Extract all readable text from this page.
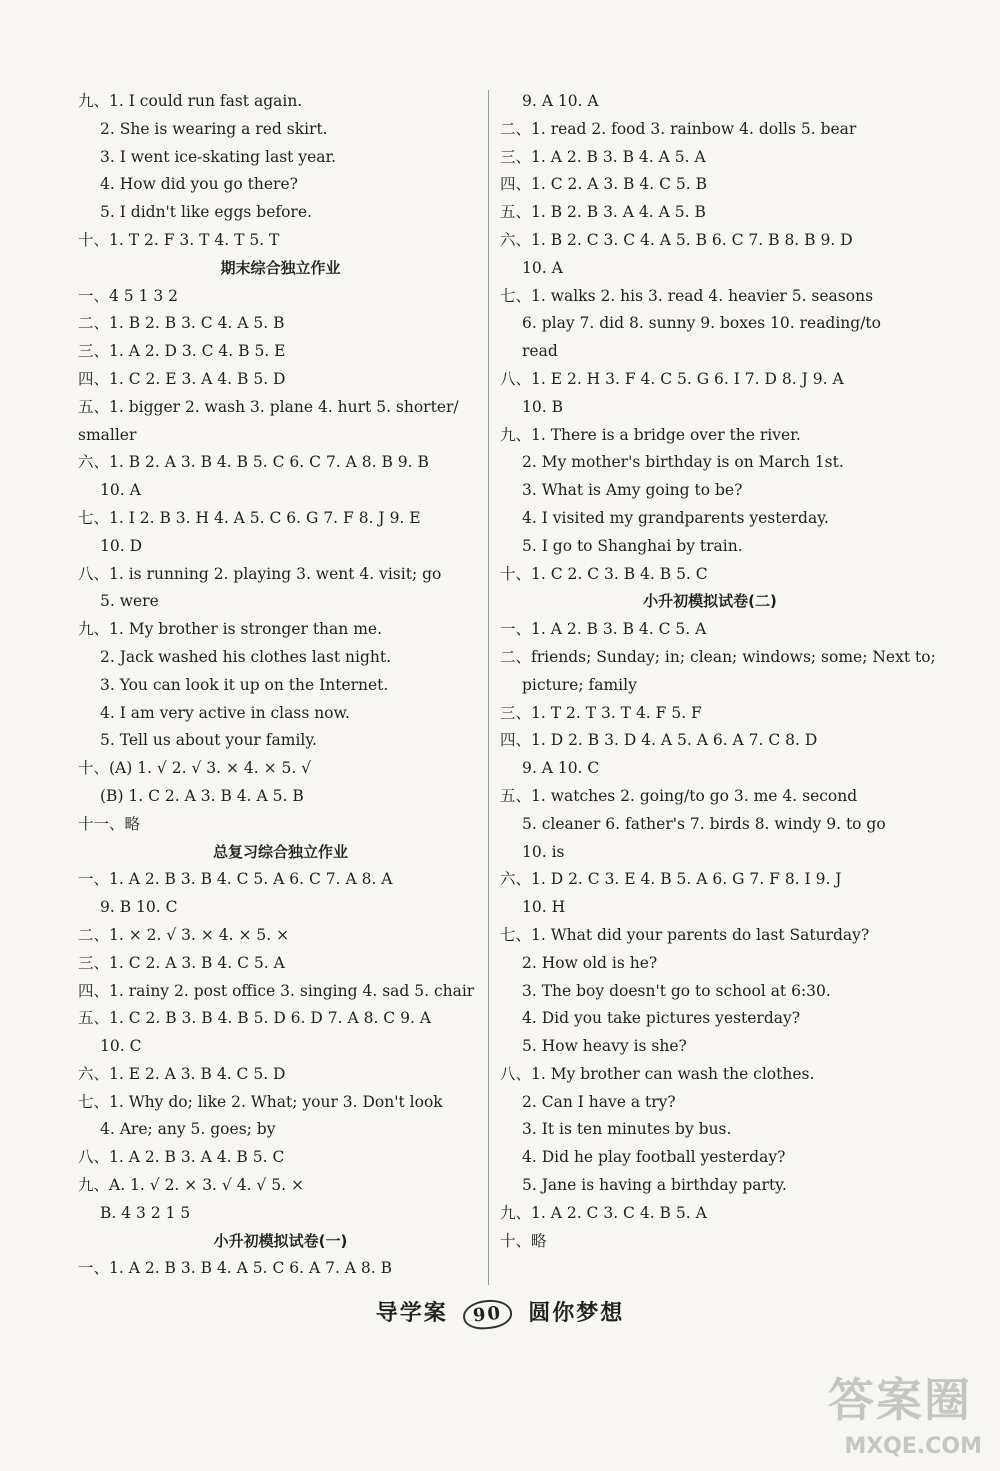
九、1. I could run fast again.
2. She is wearing a red skirt.
3. I went ice-skating last year.
4. How did you go there?
5. I didn't like eggs before.
十、1. T 2. F 3. T 4. T 5. T
期末综合独立作业
一、4 5 1 3 2
二、1. B 2. B 3. C 4. A 5. B
三、1. A 2. D 3. C 4. B 5. E
四、1. C 2. E 3. A 4. B 5. D
五、1. bigger 2. wash 3. plane 4. hurt 5. shorter/
smaller
六、1. B 2. A 3. B 4. B 5. C 6. C 7. A 8. B 9. B
10. A
七、1. I 2. B 3. H 4. A 5. C 6. G 7. F 8. J 9. E
10. D
八、1. is running 2. playing 3. went 4. visit; go
5. were
九、1. My brother is stronger than me.
2. Jack washed his clothes last night.
3. You can look it up on the Internet.
4. I am very active in class now.
5. Tell us about your family.
十、(A) 1. √ 2. √ 3. × 4. × 5. √
(B) 1. C 2. A 3. B 4. A 5. B
十一、略
总复习综合独立作业
一、1. A 2. B 3. B 4. C 5. A 6. C 7. A 8. A
9. B 10. C
二、1. × 2. √ 3. × 4. × 5. ×
三、1. C 2. A 3. B 4. C 5. A
四、1. rainy 2. post office 3. singing 4. sad 5. chair
五、1. C 2. B 3. B 4. B 5. D 6. D 7. A 8. C 9. A
10. C
六、1. E 2. A 3. B 4. C 5. D
七、1. Why do; like 2. What; your 3. Don't look
4. Are; any 5. goes; by
八、1. A 2. B 3. A 4. B 5. C
九、A. 1. √ 2. × 3. √ 4. √ 5. ×
B. 4 3 2 1 5
小升初模拟试卷(一)
一、1. A 2. B 3. B 4. A 5. C 6. A 7. A 8. B
9. A 10. A
二、1. read 2. food 3. rainbow 4. dolls 5. bear
三、1. A 2. B 3. B 4. A 5. A
四、1. C 2. A 3. B 4. C 5. B
五、1. B 2. B 3. A 4. A 5. B
六、1. B 2. C 3. C 4. A 5. B 6. C 7. B 8. B 9. D
10. A
七、1. walks 2. his 3. read 4. heavier 5. seasons
6. play 7. did 8. sunny 9. boxes 10. reading/to
read
八、1. E 2. H 3. F 4. C 5. G 6. I 7. D 8. J 9. A
10. B
九、1. There is a bridge over the river.
2. My mother's birthday is on March 1st.
3. What is Amy going to be?
4. I visited my grandparents yesterday.
5. I go to Shanghai by train.
十、1. C 2. C 3. B 4. B 5. C
小升初模拟试卷(二)
一、1. A 2. B 3. B 4. C 5. A
二、friends; Sunday; in; clean; windows; some; Next to;
picture; family
三、1. T 2. T 3. T 4. F 5. F
四、1. D 2. B 3. D 4. A 5. A 6. A 7. C 8. D
9. A 10. C
五、1. watches 2. going/to go 3. me 4. second
5. cleaner 6. father's 7. birds 8. windy 9. to go
10. is
六、1. D 2. C 3. E 4. B 5. A 6. G 7. F 8. I 9. J
10. H
七、1. What did your parents do last Saturday?
2. How old is he?
3. The boy doesn't go to school at 6:30.
4. Did you take pictures yesterday?
5. How heavy is she?
八、1. My brother can wash the clothes.
2. Can I have a try?
3. It is ten minutes by bus.
4. Did he play football yesterday?
5. Jane is having a birthday party.
九、1. A 2. C 3. C 4. B 5. A
十、略
导学案 90 圆你梦想
答案圈
MXQE.COM
